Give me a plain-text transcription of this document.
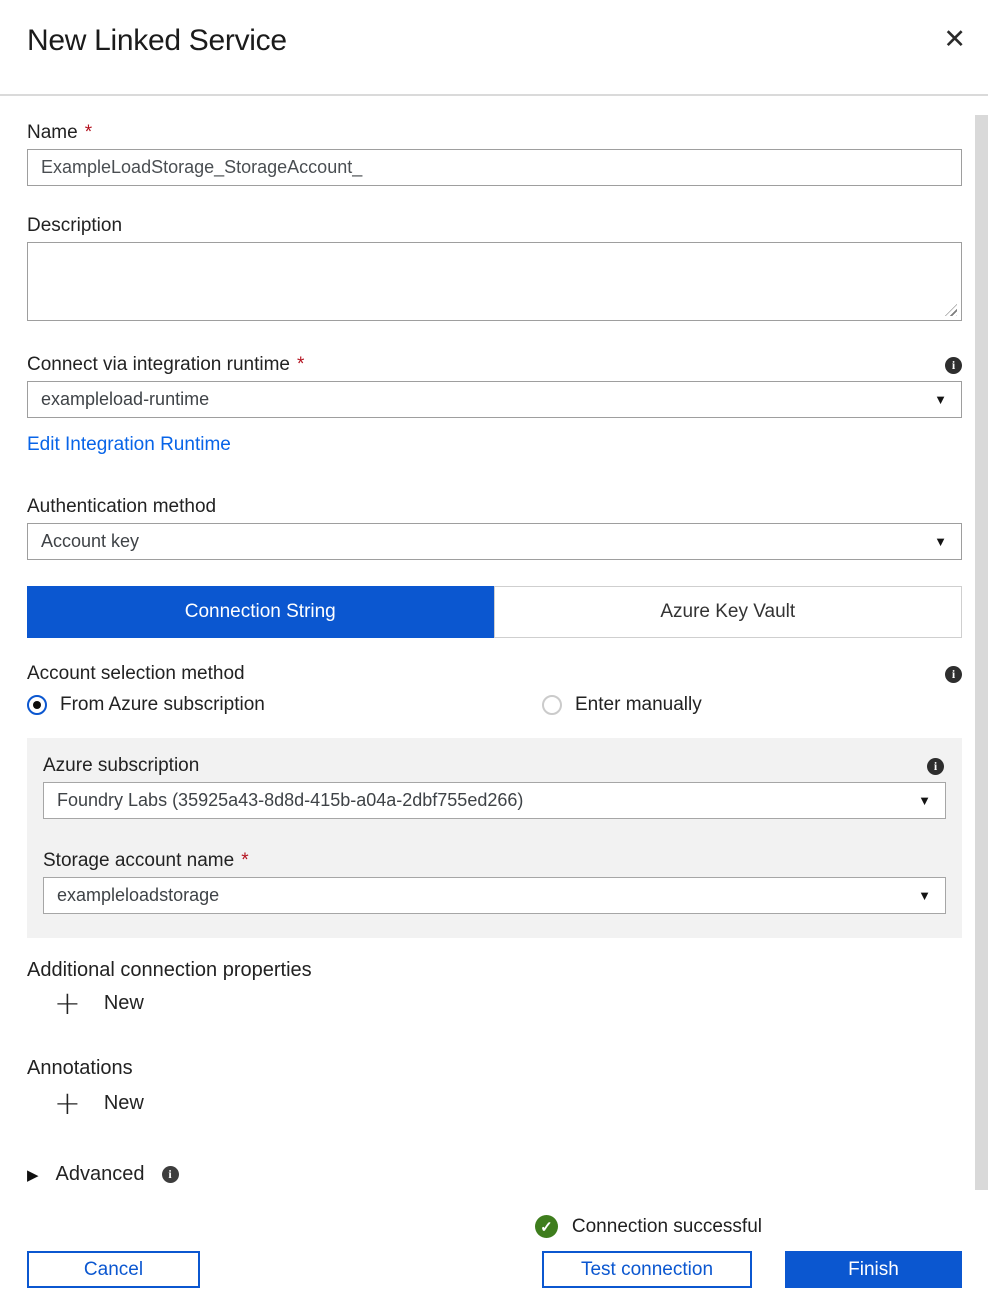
New Linked Service	✕
Name *
ExampleLoadStorage_StorageAccount_
Description
Connect via integration runtime *	i
exampleload-runtime	▼
Edit Integration Runtime
Authentication method
Account key	▼
Connection String	Azure Key Vault
Account selection method	i
From Azure subscription	Enter manually
Azure subscription	i
Foundry Labs (35925a43-8d8d-415b-a04a-2dbf755ed266)	▼
Storage account name *
exampleloadstorage	▼
Additional connection properties
+ New
Annotations
+ New
▶ Advanced	i
✓ Connection successful
Cancel	Test connection	Finish
